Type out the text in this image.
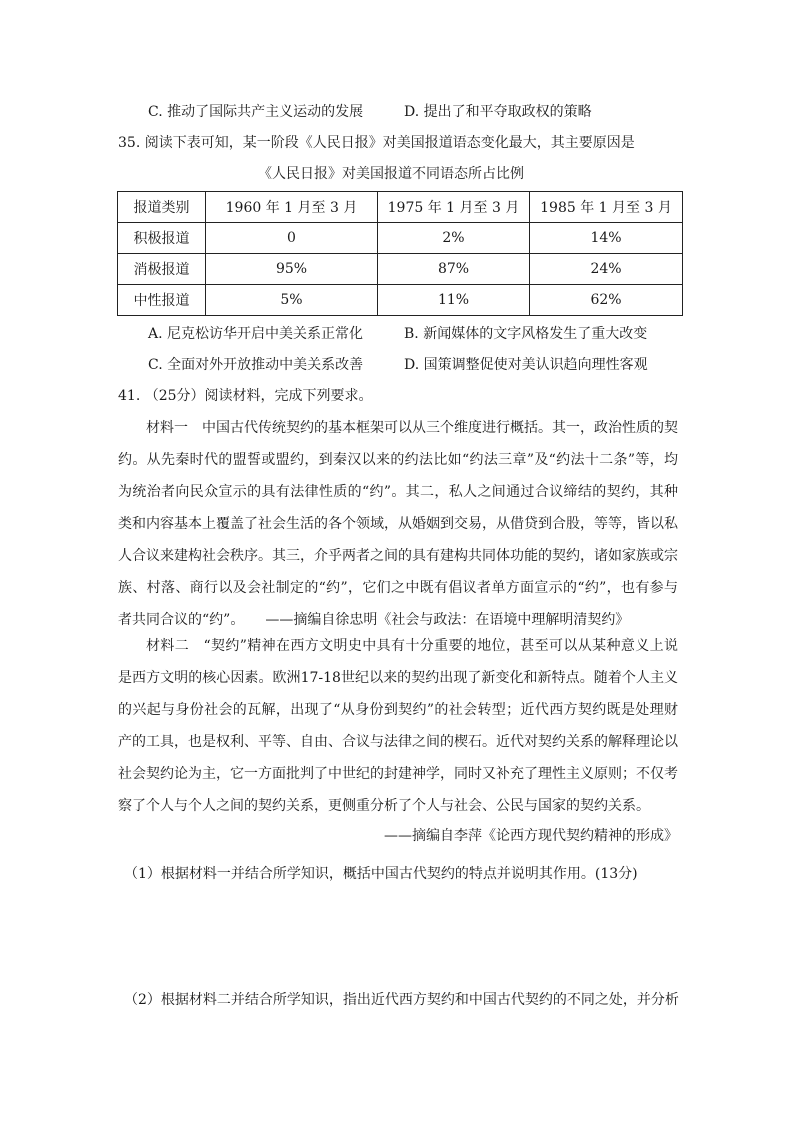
C. 推动了国际共产主义运动的发展	D. 提出了和平夺取政权的策略
35. 阅读下表可知，某一阶段《人民日报》对美国报道语态变化最大，其主要原因是
《人民日报》对美国报道不同语态所占比例
报道类别	1960 年 1 月至 3 月	1975 年 1 月至 3 月	1985 年 1 月至 3 月
积极报道	0	2%	14%
消极报道	95%	87%	24%
中性报道	5%	11%	62%
A. 尼克松访华开启中美关系正常化	B. 新闻媒体的文字风格发生了重大改变
C. 全面对外开放推动中美关系改善	D. 国策调整促使对美认识趋向理性客观
41. （25分）阅读材料，完成下列要求。

材料一　中国古代传统契约的基本框架可以从三个维度进行概括。其一，政治性质的契约。从先秦时代的盟誓或盟约，到秦汉以来的约法比如“约法三章”及“约法十二条”等，均为统治者向民众宣示的具有法律性质的“约”。其二，私人之间通过合议缔结的契约，其种类和内容基本上覆盖了社会生活的各个领域，从婚姻到交易，从借贷到合股，等等，皆以私人合议来建构社会秩序。其三，介乎两者之间的具有建构共同体功能的契约，诸如家族或宗族、村落、商行以及会社制定的“约”，它们之中既有倡议者单方面宣示的“约”，也有参与者共同合议的“约”。　　——摘编自徐忠明《社会与政法：在语境中理解明清契约》

材料二　“契约”精神在西方文明史中具有十分重要的地位，甚至可以从某种意义上说是西方文明的核心因素。欧洲17-18世纪以来的契约出现了新变化和新特点。随着个人主义的兴起与身份社会的瓦解，出现了“从身份到契约”的社会转型；近代西方契约既是处理财产的工具，也是权利、平等、自由、合议与法律之间的楔石。近代对契约关系的解释理论以社会契约论为主，它一方面批判了中世纪的封建神学，同时又补充了理性主义原则；不仅考察了个人与个人之间的契约关系，更侧重分析了个人与社会、公民与国家的契约关系。

——摘编自李萍《论西方现代契约精神的形成》
（1）根据材料一并结合所学知识，概括中国古代契约的特点并说明其作用。(13分)
（2）根据材料二并结合所学知识，指出近代西方契约和中国古代契约的不同之处，并分析
